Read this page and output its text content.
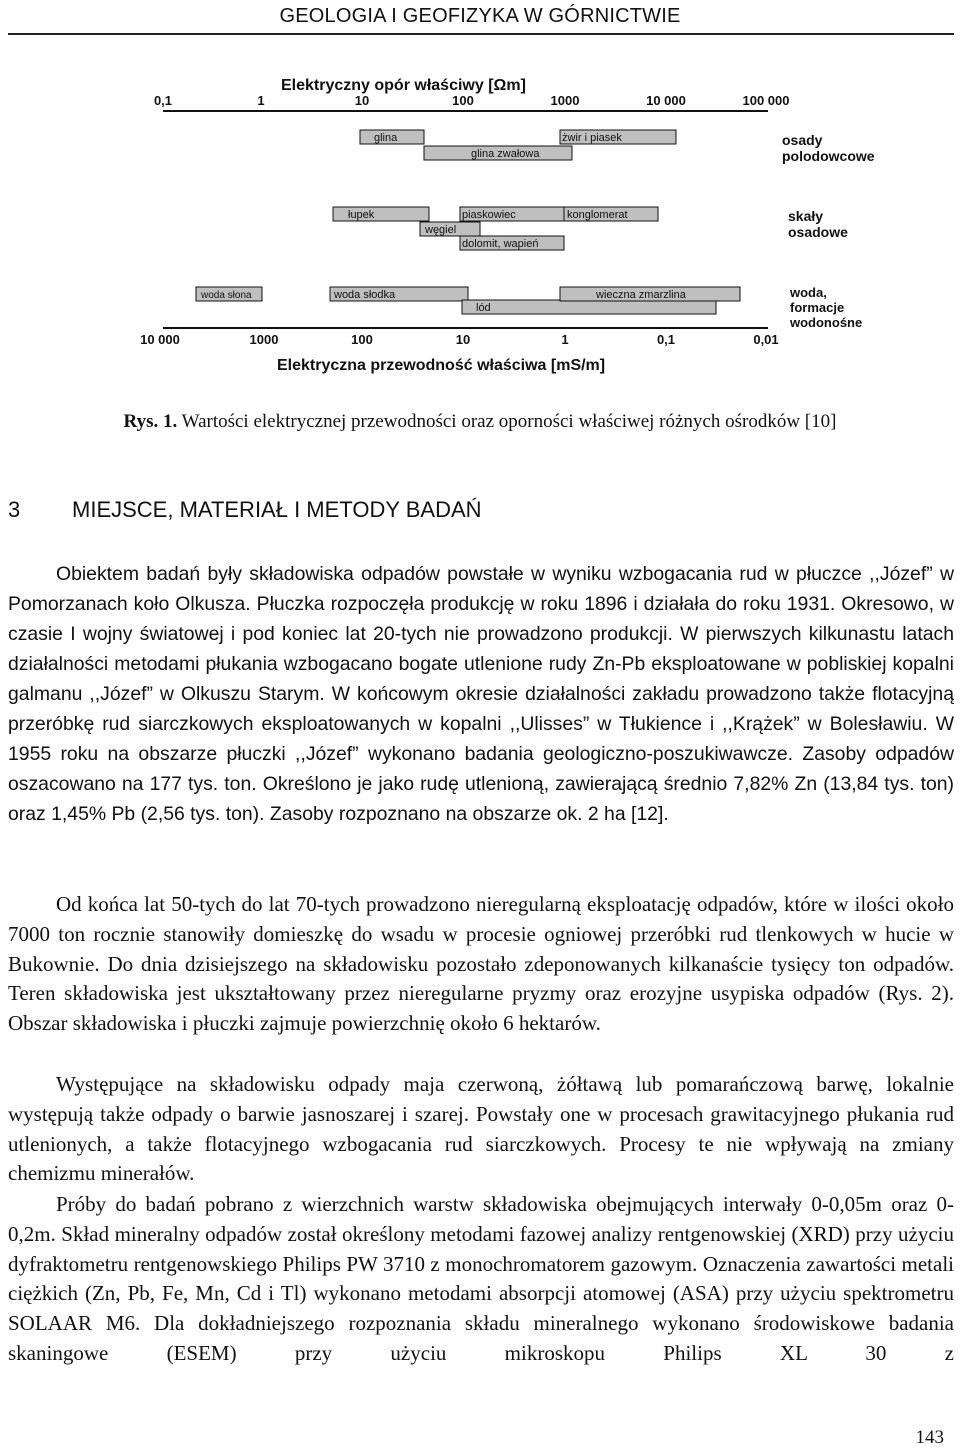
GEOLOGIA I GEOFIZYKA W GÓRNICTWIE
Elektryczny opór właściwy [Ωm]
0,1	1	10	100	1000	10 000	100 000
glina	żwir i piasek
glina zwałowa
osady
polodowcowe
łupek	piaskowiec	konglomerat
węgiel
dolomit, wapień
skały
osadowe
woda słona	woda słodka
lód
wieczna zmarzlina	woda,
formacje
wodonośne
10 000	1000	100	10	1	0,1	0,01
Elektryczna przewodność właściwa [mS/m]
Rys. 1. Wartości elektrycznej przewodności oraz oporności właściwej różnych ośrodków [10]
3 MIEJSCE, MATERIAŁ I METODY BADAŃ

Obiektem badań były składowiska odpadów powstałe w wyniku wzbogacania rud w płuczce ,,Józef” w Pomorzanach koło Olkusza. Płuczka rozpoczęła produkcję w roku 1896 i działała do roku 1931. Okresowo, w czasie I wojny światowej i pod koniec lat 20-tych nie prowadzono produkcji. W pierwszych kilkunastu latach działalności metodami płukania wzbogacano bogate utlenione rudy Zn-Pb eksploatowane w pobliskiej kopalni galmanu ,,Józef” w Olkuszu Starym. W końcowym okresie działalności zakładu prowadzono także flotacyjną przeróbkę rud siarczkowych eksploatowanych w kopalni ,,Ulisses” w Tłukience i ,,Krążek” w Bolesławiu. W 1955 roku na obszarze płuczki ,,Józef” wykonano badania geologiczno-poszukiwawcze. Zasoby odpadów oszacowano na 177 tys. ton. Określono je jako rudę utlenioną, zawierającą średnio 7,82% Zn (13,84 tys. ton) oraz 1,45% Pb (2,56 tys. ton). Zasoby rozpoznano na obszarze ok. 2 ha [12].

Od końca lat 50-tych do lat 70-tych prowadzono nieregularną eksploatację odpadów, które w ilości około 7000 ton rocznie stanowiły domieszkę do wsadu w procesie ogniowej przeróbki rud tlenkowych w hucie w Bukownie. Do dnia dzisiejszego na składowisku pozostało zdeponowanych kilkanaście tysięcy ton odpadów. Teren składowiska jest ukształtowany przez nieregularne pryzmy oraz erozyjne usypiska odpadów (Rys. 2). Obszar składowiska i płuczki zajmuje powierzchnię około 6 hektarów.

Występujące na składowisku odpady maja czerwoną, żółtawą lub pomarańczową barwę, lokalnie występują także odpady o barwie jasnoszarej i szarej. Powstały one w procesach grawitacyjnego płukania rud utlenionych, a także flotacyjnego wzbogacania rud siarczkowych. Procesy te nie wpływają na zmiany chemizmu minerałów.

Próby do badań pobrano z wierzchnich warstw składowiska obejmujących interwały 0-0,05m oraz 0-0,2m. Skład mineralny odpadów został określony metodami fazowej analizy rentgenowskiej (XRD) przy użyciu dyfraktometru rentgenowskiego Philips PW 3710 z monochromatorem gazowym. Oznaczenia zawartości metali ciężkich (Zn, Pb, Fe, Mn, Cd i Tl) wykonano metodami absorpcji atomowej (ASA) przy użyciu spektrometru SOLAAR M6. Dla dokładniejszego rozpoznania składu mineralnego wykonano środowiskowe badania skaningowe (ESEM) przy użyciu mikroskopu Philips XL 30 z

143
